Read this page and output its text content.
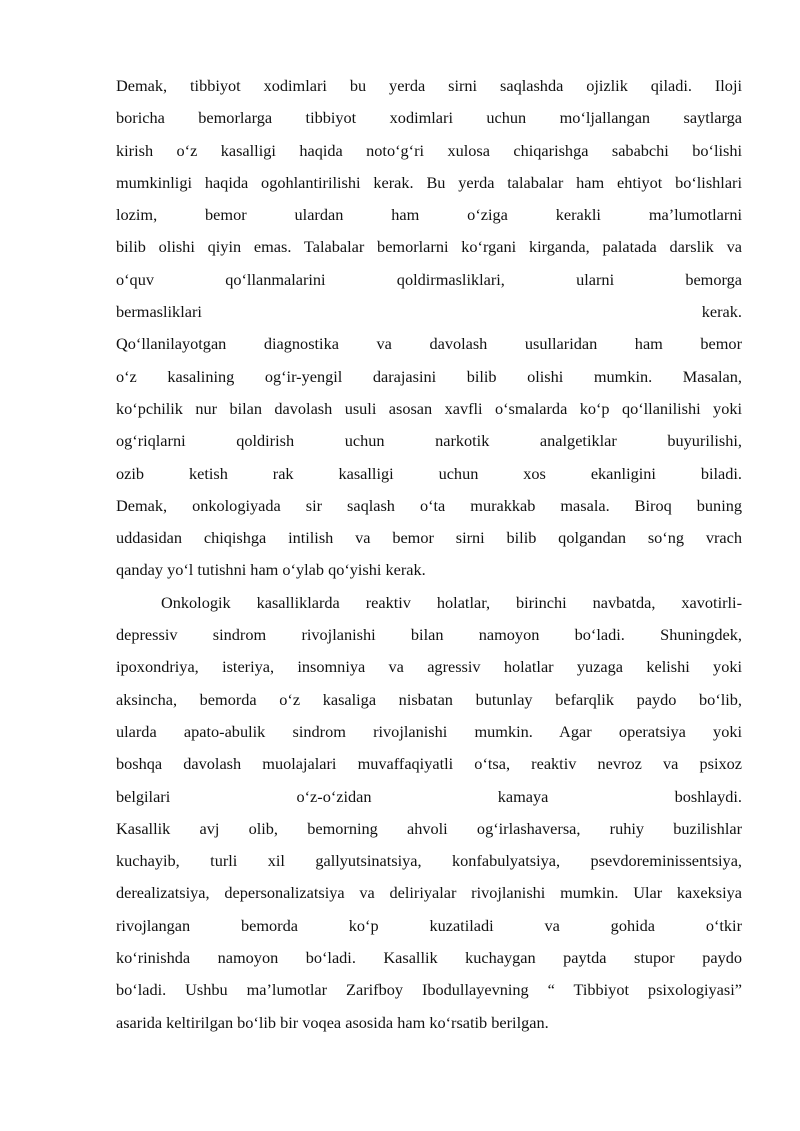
Demak, tibbiyot xodimlari bu yerda sirni saqlashda ojizlik qiladi. Iloji
boricha bemorlarga tibbiyot xodimlari uchun mo‘ljallangan saytlarga
kirish o‘z kasalligi haqida noto‘g‘ri xulosa chiqarishga sababchi bo‘lishi
mumkinligi haqida ogohlantirilishi kerak. Bu yerda talabalar ham ehtiyot bo‘lishlari
lozim, bemor ulardan ham o‘ziga kerakli ma’lumotlarni
bilib olishi qiyin emas. Talabalar bemorlarni ko‘rgani kirganda, palatada darslik va
o‘quv qo‘llanmalarini qoldirmasliklari, ularni bemorga
bermasliklari kerak.
Qo‘llanilayotgan diagnostika va davolash usullaridan ham bemor
o‘z kasalining og‘ir-yengil darajasini bilib olishi mumkin. Masalan,
ko‘pchilik nur bilan davolash usuli asosan xavfli o‘smalarda ko‘p qo‘llanilishi yoki
og‘riqlarni qoldirish uchun narkotik analgetiklar buyurilishi,
ozib ketish rak kasalligi uchun xos ekanligini biladi.
Demak, onkologiyada sir saqlash o‘ta murakkab masala. Biroq buning
uddasidan chiqishga intilish va bemor sirni bilib qolgandan so‘ng vrach
qanday yo‘l tutishni ham o‘ylab qo‘yishi kerak.
Onkologik kasalliklarda reaktiv holatlar, birinchi navbatda, xavotirli-
depressiv sindrom rivojlanishi bilan namoyon bo‘ladi. Shuningdek,
ipoxondriya, isteriya, insomniya va agressiv holatlar yuzaga kelishi yoki
aksincha, bemorda o‘z kasaliga nisbatan butunlay befarqlik paydo bo‘lib,
ularda apato-abulik sindrom rivojlanishi mumkin. Agar operatsiya yoki
boshqa davolash muolajalari muvaffaqiyatli o‘tsa, reaktiv nevroz va psixoz
belgilari o‘z-o‘zidan kamaya boshlaydi.
Kasallik avj olib, bemorning ahvoli og‘irlashaversa, ruhiy buzilishlar
kuchayib, turli xil gallyutsinatsiya, konfabulyatsiya, psevdoreminissentsiya,
derealizatsiya, depersonalizatsiya va deliriyalar rivojlanishi mumkin. Ular kaxeksiya
rivojlangan bemorda ko‘p kuzatiladi va gohida o‘tkir
ko‘rinishda namoyon bo‘ladi. Kasallik kuchaygan paytda stupor paydo
bo‘ladi. Ushbu ma’lumotlar Zarifboy Ibodullayevning “ Tibbiyot psixologiyasi”
asarida keltirilgan bo‘lib bir voqea asosida ham ko‘rsatib berilgan.
